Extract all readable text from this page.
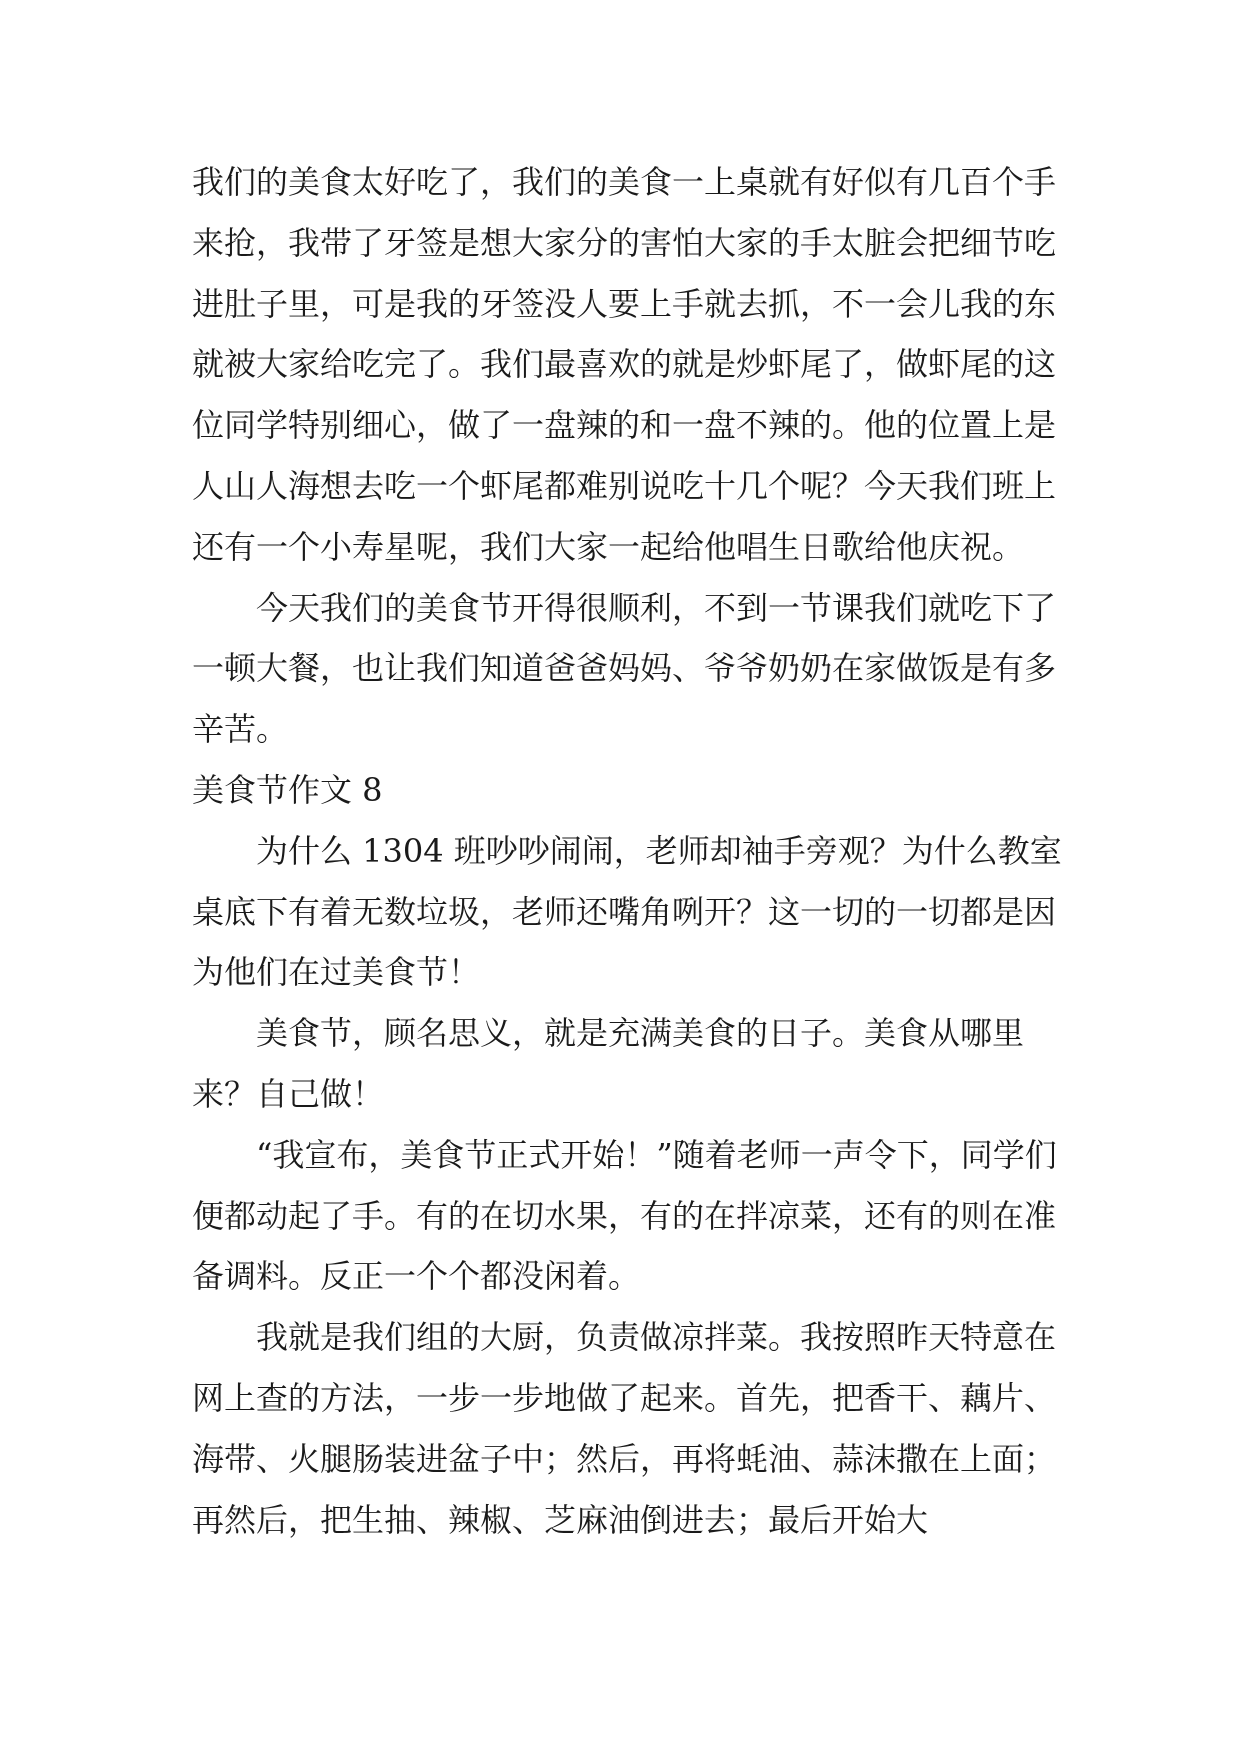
我们的美食太好吃了，我们的美食一上桌就有好似有几百个手来抢，我带了牙签是想大家分的害怕大家的手太脏会把细节吃进肚子里，可是我的牙签没人要上手就去抓，不一会儿我的东就被大家给吃完了。我们最喜欢的就是炒虾尾了，做虾尾的这位同学特别细心，做了一盘辣的和一盘不辣的。他的位置上是人山人海想去吃一个虾尾都难别说吃十几个呢？今天我们班上还有一个小寿星呢，我们大家一起给他唱生日歌给他庆祝。

今天我们的美食节开得很顺利，不到一节课我们就吃下了一顿大餐，也让我们知道爸爸妈妈、爷爷奶奶在家做饭是有多辛苦。

美食节作文 8

为什么 1304 班吵吵闹闹，老师却袖手旁观？为什么教室桌底下有着无数垃圾，老师还嘴角咧开？这一切的一切都是因为他们在过美食节！

美食节，顾名思义，就是充满美食的日子。美食从哪里来？自己做！

“我宣布，美食节正式开始！”随着老师一声令下，同学们便都动起了手。有的在切水果，有的在拌凉菜，还有的则在准备调料。反正一个个都没闲着。

我就是我们组的大厨，负责做凉拌菜。我按照昨天特意在网上查的方法，一步一步地做了起来。首先，把香干、藕片、海带、火腿肠装进盆子中；然后，再将蚝油、蒜沫撒在上面；再然后，把生抽、辣椒、芝麻油倒进去；最后开始大
